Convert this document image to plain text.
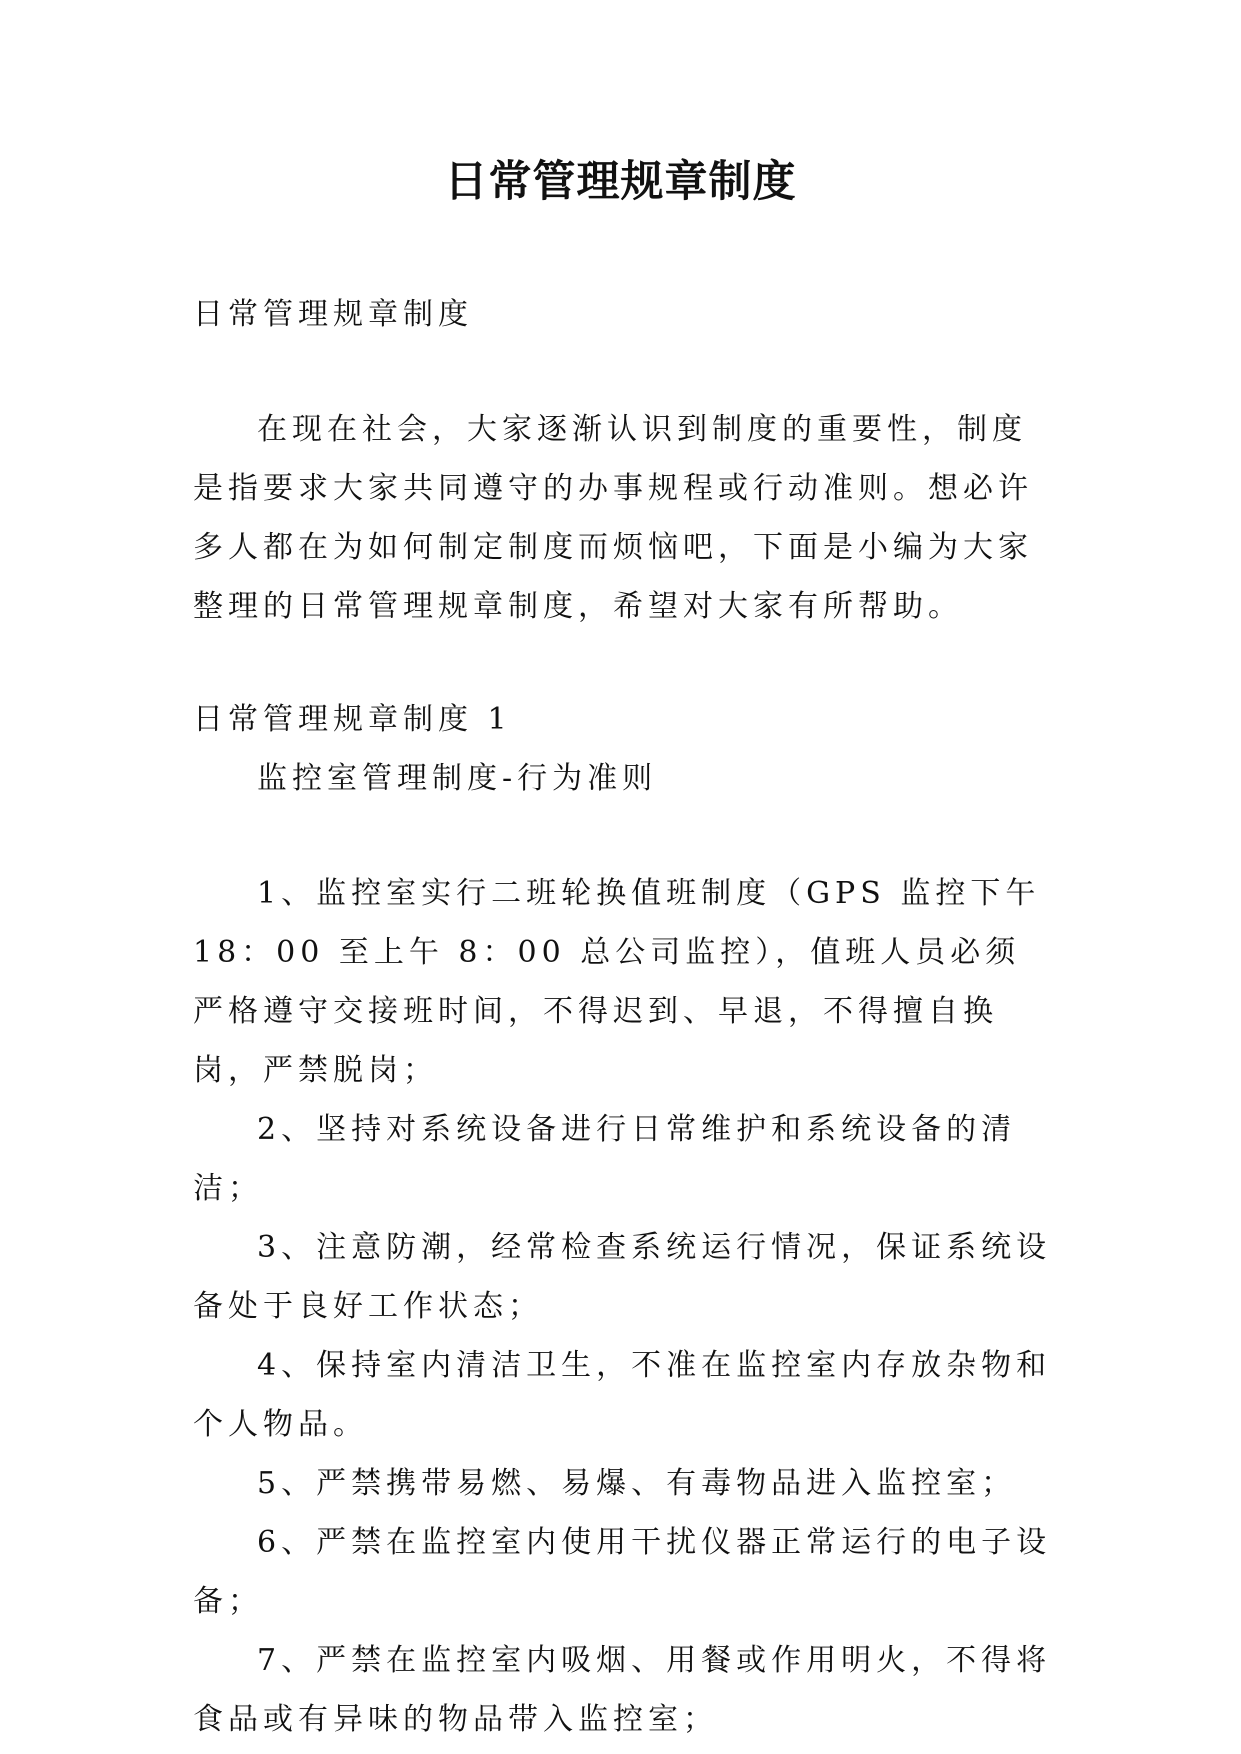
日常管理规章制度

日常管理规章制度

在现在社会，大家逐渐认识到制度的重要性，制度是指要求大家共同遵守的办事规程或行动准则。想必许多人都在为如何制定制度而烦恼吧，下面是小编为大家整理的日常管理规章制度，希望对大家有所帮助。

日常管理规章制度 1

监控室管理制度-行为准则

1、监控室实行二班轮换值班制度（GPS 监控下午 18：00 至上午 8：00 总公司监控），值班人员必须严格遵守交接班时间，不得迟到、早退，不得擅自换岗，严禁脱岗；
2、坚持对系统设备进行日常维护和系统设备的清洁；
3、注意防潮，经常检查系统运行情况，保证系统设备处于良好工作状态；
4、保持室内清洁卫生，不准在监控室内存放杂物和个人物品。
5、严禁携带易燃、易爆、有毒物品进入监控室；
6、严禁在监控室内使用干扰仪器正常运行的电子设备；
7、严禁在监控室内吸烟、用餐或作用明火，不得将食品或有异味的物品带入监控室；
